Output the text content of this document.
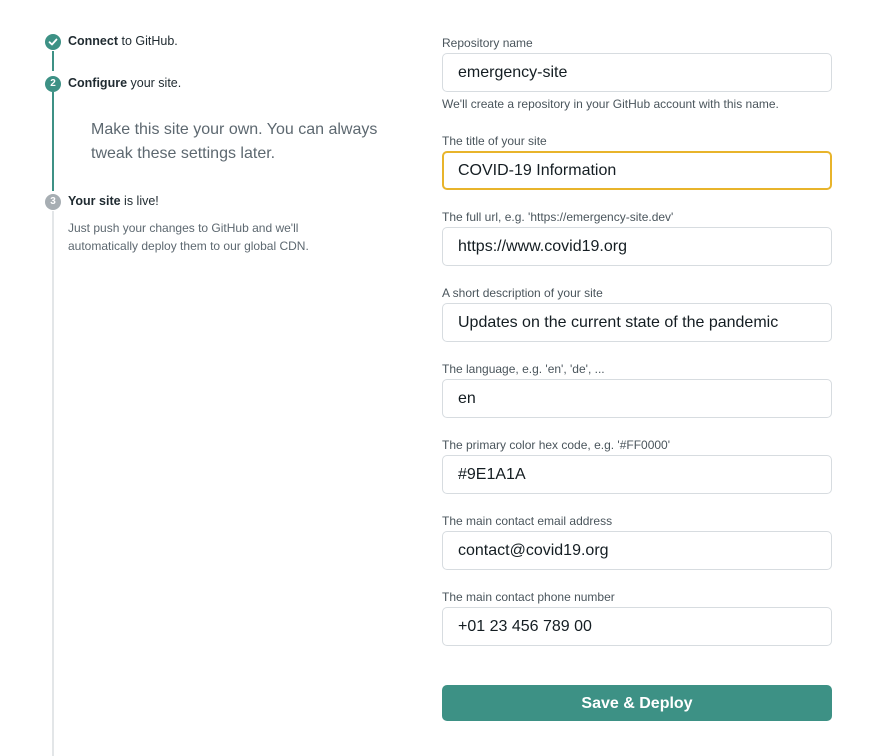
Connect to GitHub.
2 Configure your site.
Make this site your own. You can always tweak these settings later.
3 Your site is live!
Just push your changes to GitHub and we'll automatically deploy them to our global CDN.
Repository name
emergency-site
We'll create a repository in your GitHub account with this name.
The title of your site
COVID-19 Information
The full url, e.g. 'https://emergency-site.dev'
https://www.covid19.org
A short description of your site
Updates on the current state of the pandemic
The language, e.g. 'en', 'de', ...
en
The primary color hex code, e.g. '#FF0000'
#9E1A1A
The main contact email address
contact@covid19.org
The main contact phone number
+01 23 456 789 00
Save & Deploy
